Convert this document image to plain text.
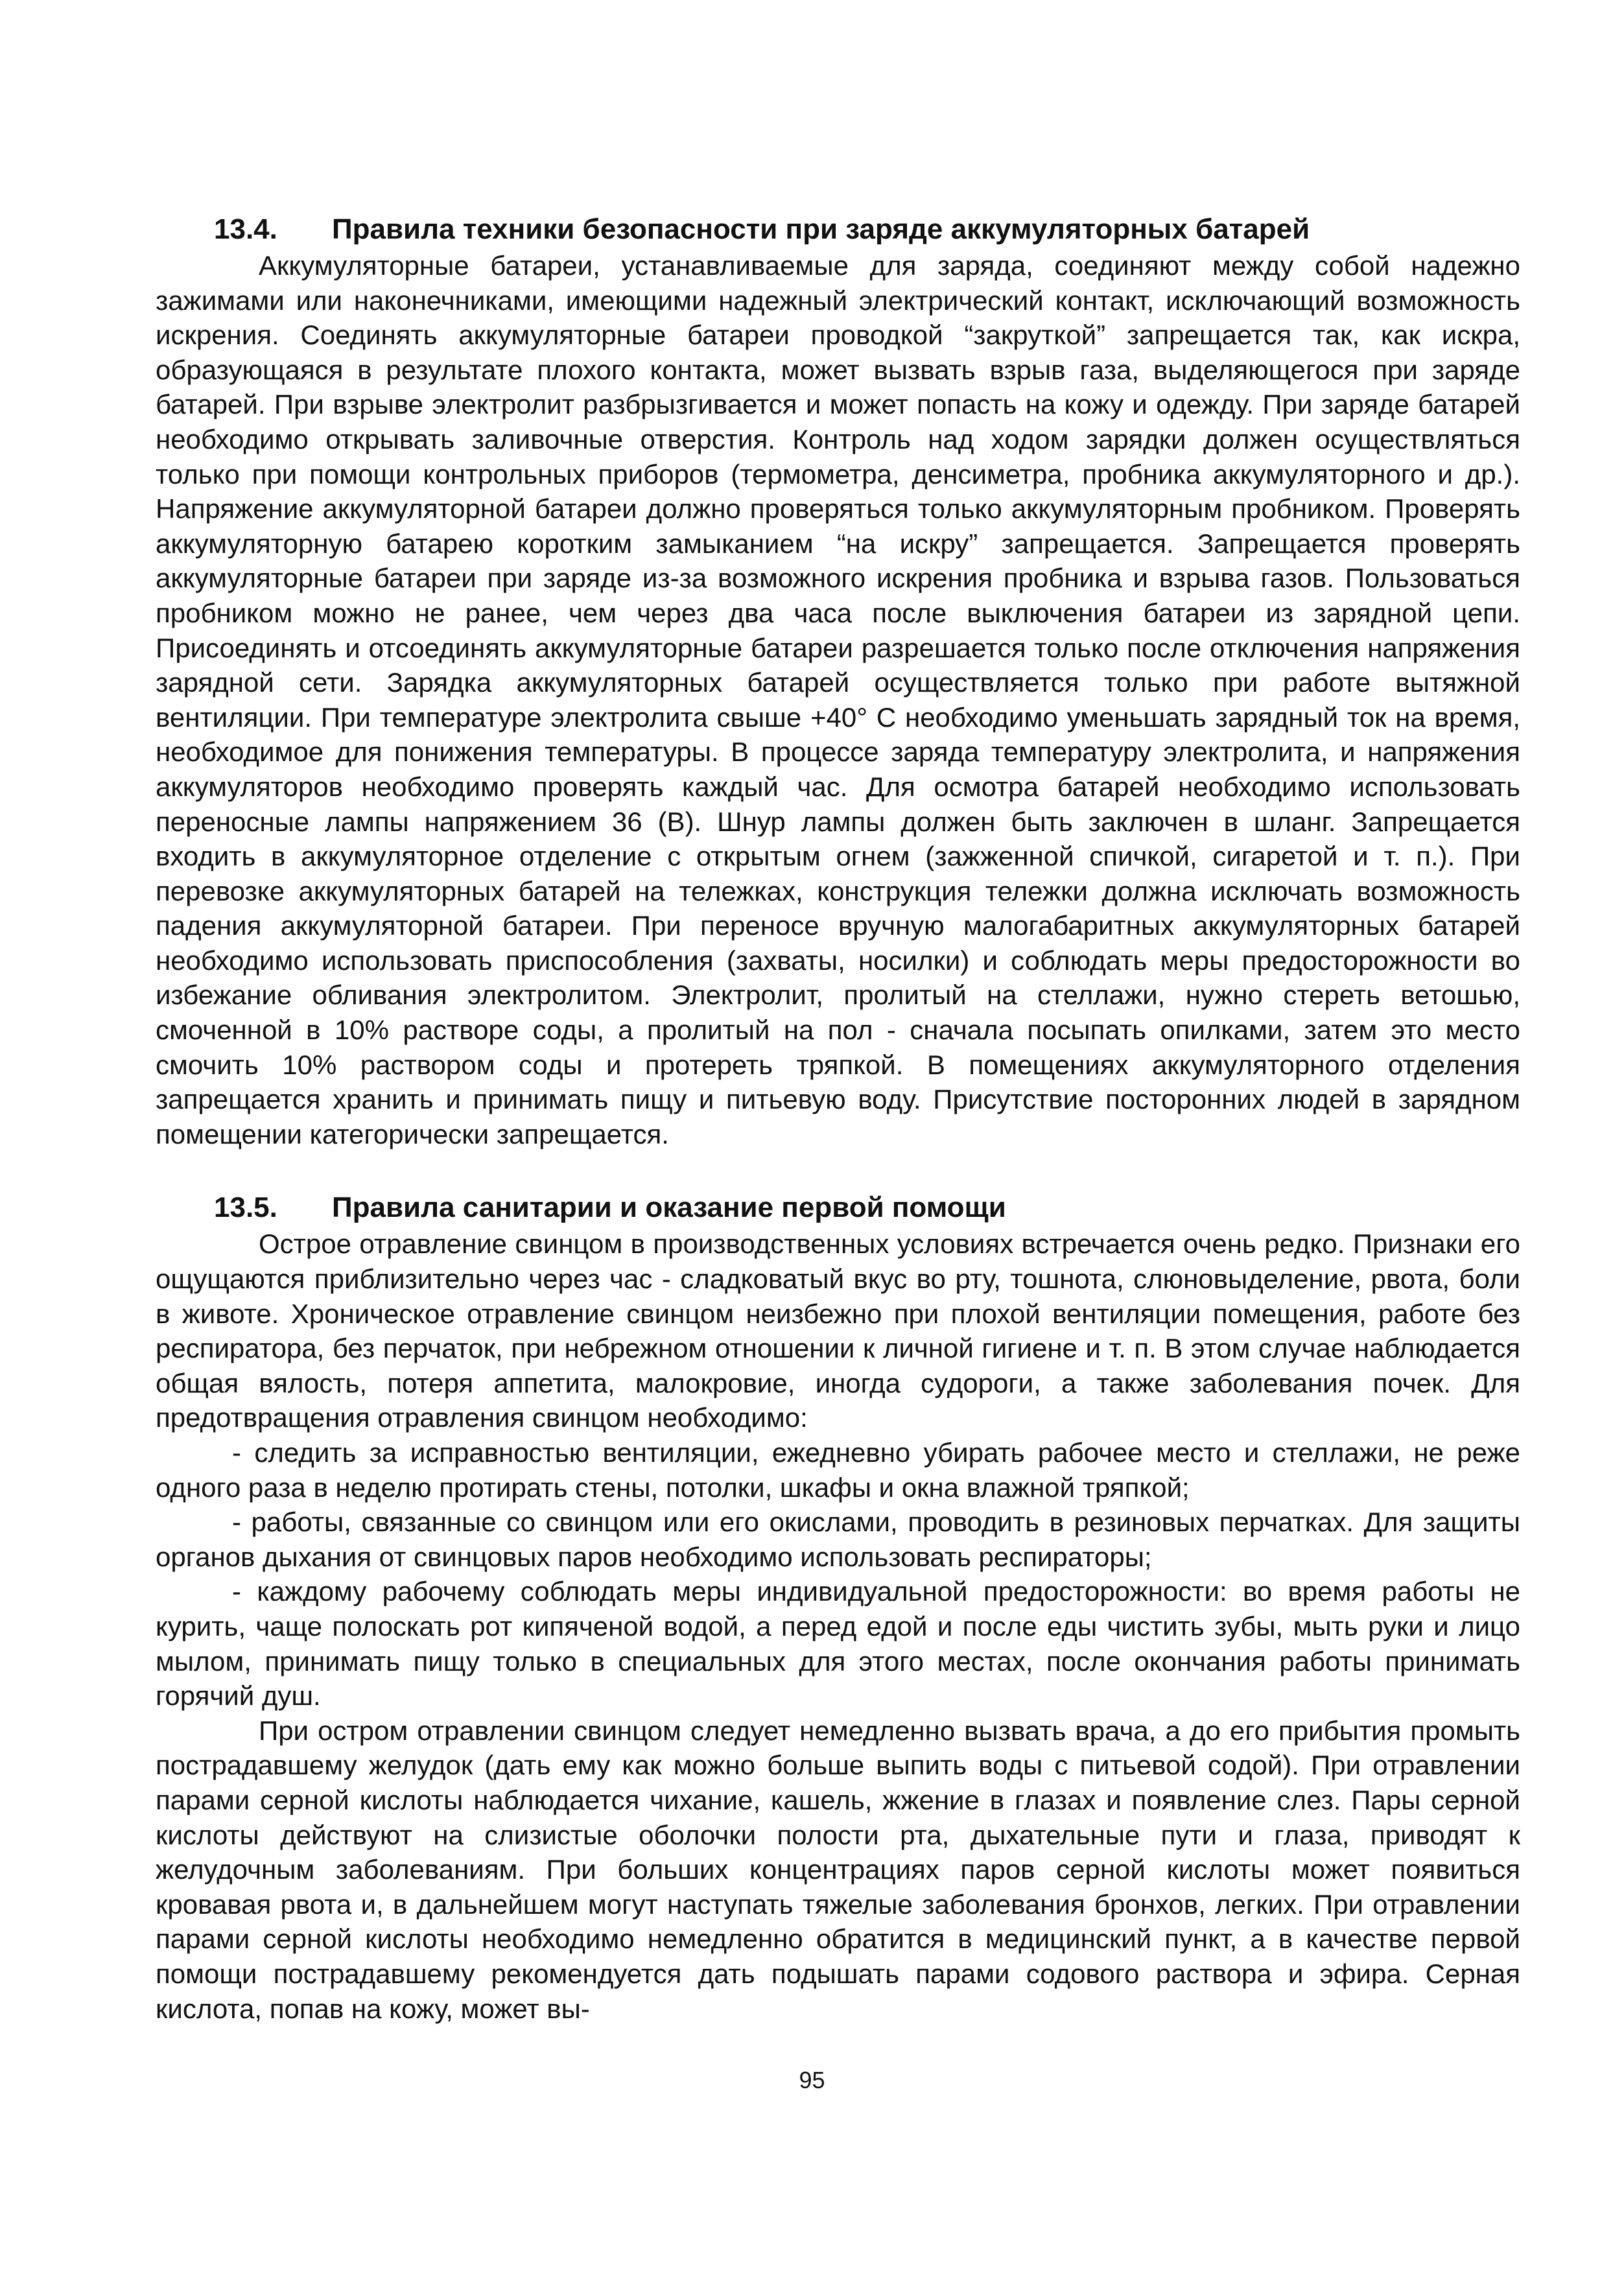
13.4.	Правила техники безопасности при заряде аккумуляторных батарей

Аккумуляторные батареи, устанавливаемые для заряда, соединяют между собой надежно зажимами или наконечниками, имеющими надежный электрический контакт, исключающий возможность искрения. Соединять аккумуляторные батареи проводкой “закруткой” запрещается так, как искра, образующаяся в результате плохого контакта, может вызвать взрыв газа, выделяющегося при заряде батарей. При взрыве электролит разбрызгивается и может попасть на кожу и одежду. При заряде батарей необходимо открывать заливочные отверстия. Контроль над ходом зарядки должен осуществляться только при помощи контрольных приборов (термометра, денсиметра, пробника аккумуляторного и др.). Напряжение аккумуляторной батареи должно проверяться только аккумуляторным пробником. Проверять аккумуляторную батарею коротким замыканием “на искру” запрещается. Запрещается проверять аккумуляторные батареи при заряде из-за возможного искрения пробника и взрыва газов. Пользоваться пробником можно не ранее, чем через два часа после выключения батареи из зарядной цепи. Присоединять и отсоединять аккумуляторные батареи разрешается только после отключения напряжения зарядной сети. Зарядка аккумуляторных батарей осуществляется только при работе вытяжной вентиляции. При температуре электролита свыше +40° С необходимо уменьшать зарядный ток на время, необходимое для понижения температуры. В процессе заряда температуру электролита, и напряжения аккумуляторов необходимо проверять каждый час. Для осмотра батарей необходимо использовать переносные лампы напряжением 36 (В). Шнур лампы должен быть заключен в шланг. Запрещается входить в аккумуляторное отделение с открытым огнем (зажженной спичкой, сигаретой и т. п.). При перевозке аккумуляторных батарей на тележках, конструкция тележки должна исключать возможность падения аккумуляторной батареи. При переносе вручную малогабаритных аккумуляторных батарей необходимо использовать приспособления (захваты, носилки) и соблюдать меры предосторожности во избежание обливания электролитом. Электролит, пролитый на стеллажи, нужно стереть ветошью, смоченной в 10% растворе соды, а пролитый на пол - сначала посыпать опилками, затем это место смочить 10% раствором соды и протереть тряпкой. В помещениях аккумуляторного отделения запрещается хранить и принимать пищу и питьевую воду. Присутствие посторонних людей в зарядном помещении категорически запрещается.

13.5.	Правила санитарии и оказание первой помощи

Острое отравление свинцом в производственных условиях встречается очень редко. Признаки его ощущаются приблизительно через час - сладковатый вкус во рту, тошнота, слюновыделение, рвота, боли в животе. Хроническое отравление свинцом неизбежно при плохой вентиляции помещения, работе без респиратора, без перчаток, при небрежном отношении к личной гигиене и т. п. В этом случае наблюдается общая вялость, потеря аппетита, малокровие, иногда судороги, а также заболевания почек. Для предотвращения отравления свинцом необходимо:

- следить за исправностью вентиляции, ежедневно убирать рабочее место и стеллажи, не реже одного раза в неделю протирать стены, потолки, шкафы и окна влажной тряпкой;

- работы, связанные со свинцом или его окислами, проводить в резиновых перчатках. Для защиты органов дыхания от свинцовых паров необходимо использовать респираторы;

- каждому рабочему соблюдать меры индивидуальной предосторожности: во время работы не курить, чаще полоскать рот кипяченой водой, а перед едой и после еды чистить зубы, мыть руки и лицо мылом, принимать пищу только в специальных для этого местах, после окончания работы принимать горячий душ.

При остром отравлении свинцом следует немедленно вызвать врача, а до его прибытия промыть пострадавшему желудок (дать ему как можно больше выпить воды с питьевой содой). При отравлении парами серной кислоты наблюдается чихание, кашель, жжение в глазах и появление слез. Пары серной кислоты действуют на слизистые оболочки полости рта, дыхательные пути и глаза, приводят к желудочным заболеваниям. При больших концентрациях паров серной кислоты может появиться кровавая рвота и, в дальнейшем могут наступать тяжелые заболевания бронхов, легких. При отравлении парами серной кислоты необходимо немедленно обратится в медицинский пункт, а в качестве первой помощи пострадавшему рекомендуется дать подышать парами содового раствора и эфира. Серная кислота, попав на кожу, может вы-

95
